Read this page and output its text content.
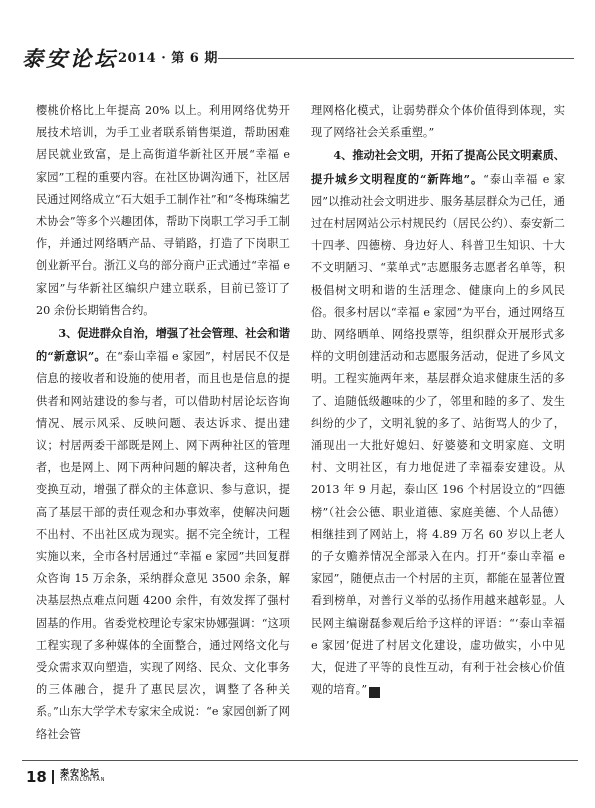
泰安论坛 2014 · 第 6 期

樱桃价格比上年提高 20% 以上。利用网络优势开展技术培训，为手工业者联系销售渠道，帮助困难居民就业致富，是上高街道华新社区开展“幸福 e 家园”工程的重要内容。在社区协调沟通下，社区居民通过网络成立“石大姐手工制作社”和“冬梅珠编艺术协会”等多个兴趣团体，帮助下岗职工学习手工制作，并通过网络晒产品、寻销路，打造了下岗职工创业新平台。浙江义乌的部分商户正式通过“幸福 e 家园”与华新社区编织户建立联系，目前已签订了 20 余份长期销售合约。

3、促进群众自治，增强了社会管理、社会和谐的“新意识”。在“泰山幸福 e 家园”，村居民不仅是信息的接收者和设施的使用者，而且也是信息的提供者和网站建设的参与者，可以借助村居论坛咨询情况、展示风采、反映问题、表达诉求、提出建议；村居两委干部既是网上、网下两种社区的管理者，也是网上、网下两种问题的解决者，这种角色变换互动，增强了群众的主体意识、参与意识，提高了基层干部的责任观念和办事效率，使解决问题不出村、不出社区成为现实。据不完全统计，工程实施以来，全市各村居通过“幸福 e 家园”共回复群众咨询 15 万余条，采纳群众意见 3500 余条，解决基层热点难点问题 4200 余件，有效发挥了强村固基的作用。省委党校理论专家宋协娜强调：“这项工程实现了多种媒体的全面整合，通过网络文化与受众需求双向塑造，实现了网络、民众、文化事务的三体融合，提升了惠民层次，调整了各种关系。”山东大学学术专家宋全成说：“e 家园创新了网络社会管

理网格化模式，让弱势群众个体价值得到体现，实现了网络社会关系重塑。”

4、推动社会文明，开拓了提高公民文明素质、提升城乡文明程度的“新阵地”。“泰山幸福 e 家园”以推动社会文明进步、服务基层群众为己任，通过在村居网站公示村规民约（居民公约）、泰安新二十四孝、四德榜、身边好人、科普卫生知识、十大不文明陋习、“菜单式”志愿服务志愿者名单等，积极倡树文明和谐的生活理念、健康向上的乡风民俗。很多村居以“幸福 e 家园”为平台，通过网络互助、网络晒单、网络投票等，组织群众开展形式多样的文明创建活动和志愿服务活动，促进了乡风文明。工程实施两年来，基层群众追求健康生活的多了、追随低级趣味的少了，邻里和睦的多了、发生纠纷的少了，文明礼貌的多了、站街骂人的少了，涌现出一大批好媳妇、好婆婆和文明家庭、文明村、文明社区，有力地促进了幸福泰安建设。从 2013 年 9 月起，泰山区 196 个村居设立的“四德榜”（社会公德、职业道德、家庭美德、个人品德）相继挂到了网站上，将 4.89 万名 60 岁以上老人的子女赡养情况全部录入在内。打开“泰山幸福 e 家园”，随便点击一个村居的主页，都能在显著位置看到榜单，对善行义举的弘扬作用越来越彰显。人民网主编谢磊参观后给予这样的评语：“‘泰山幸福 e 家园’促进了村居文化建设，虚功做实，小中见大，促进了平等的良性互动，有利于社会核心价值观的培育。”	囧

18 泰安论坛
TAIANLUNTAN
